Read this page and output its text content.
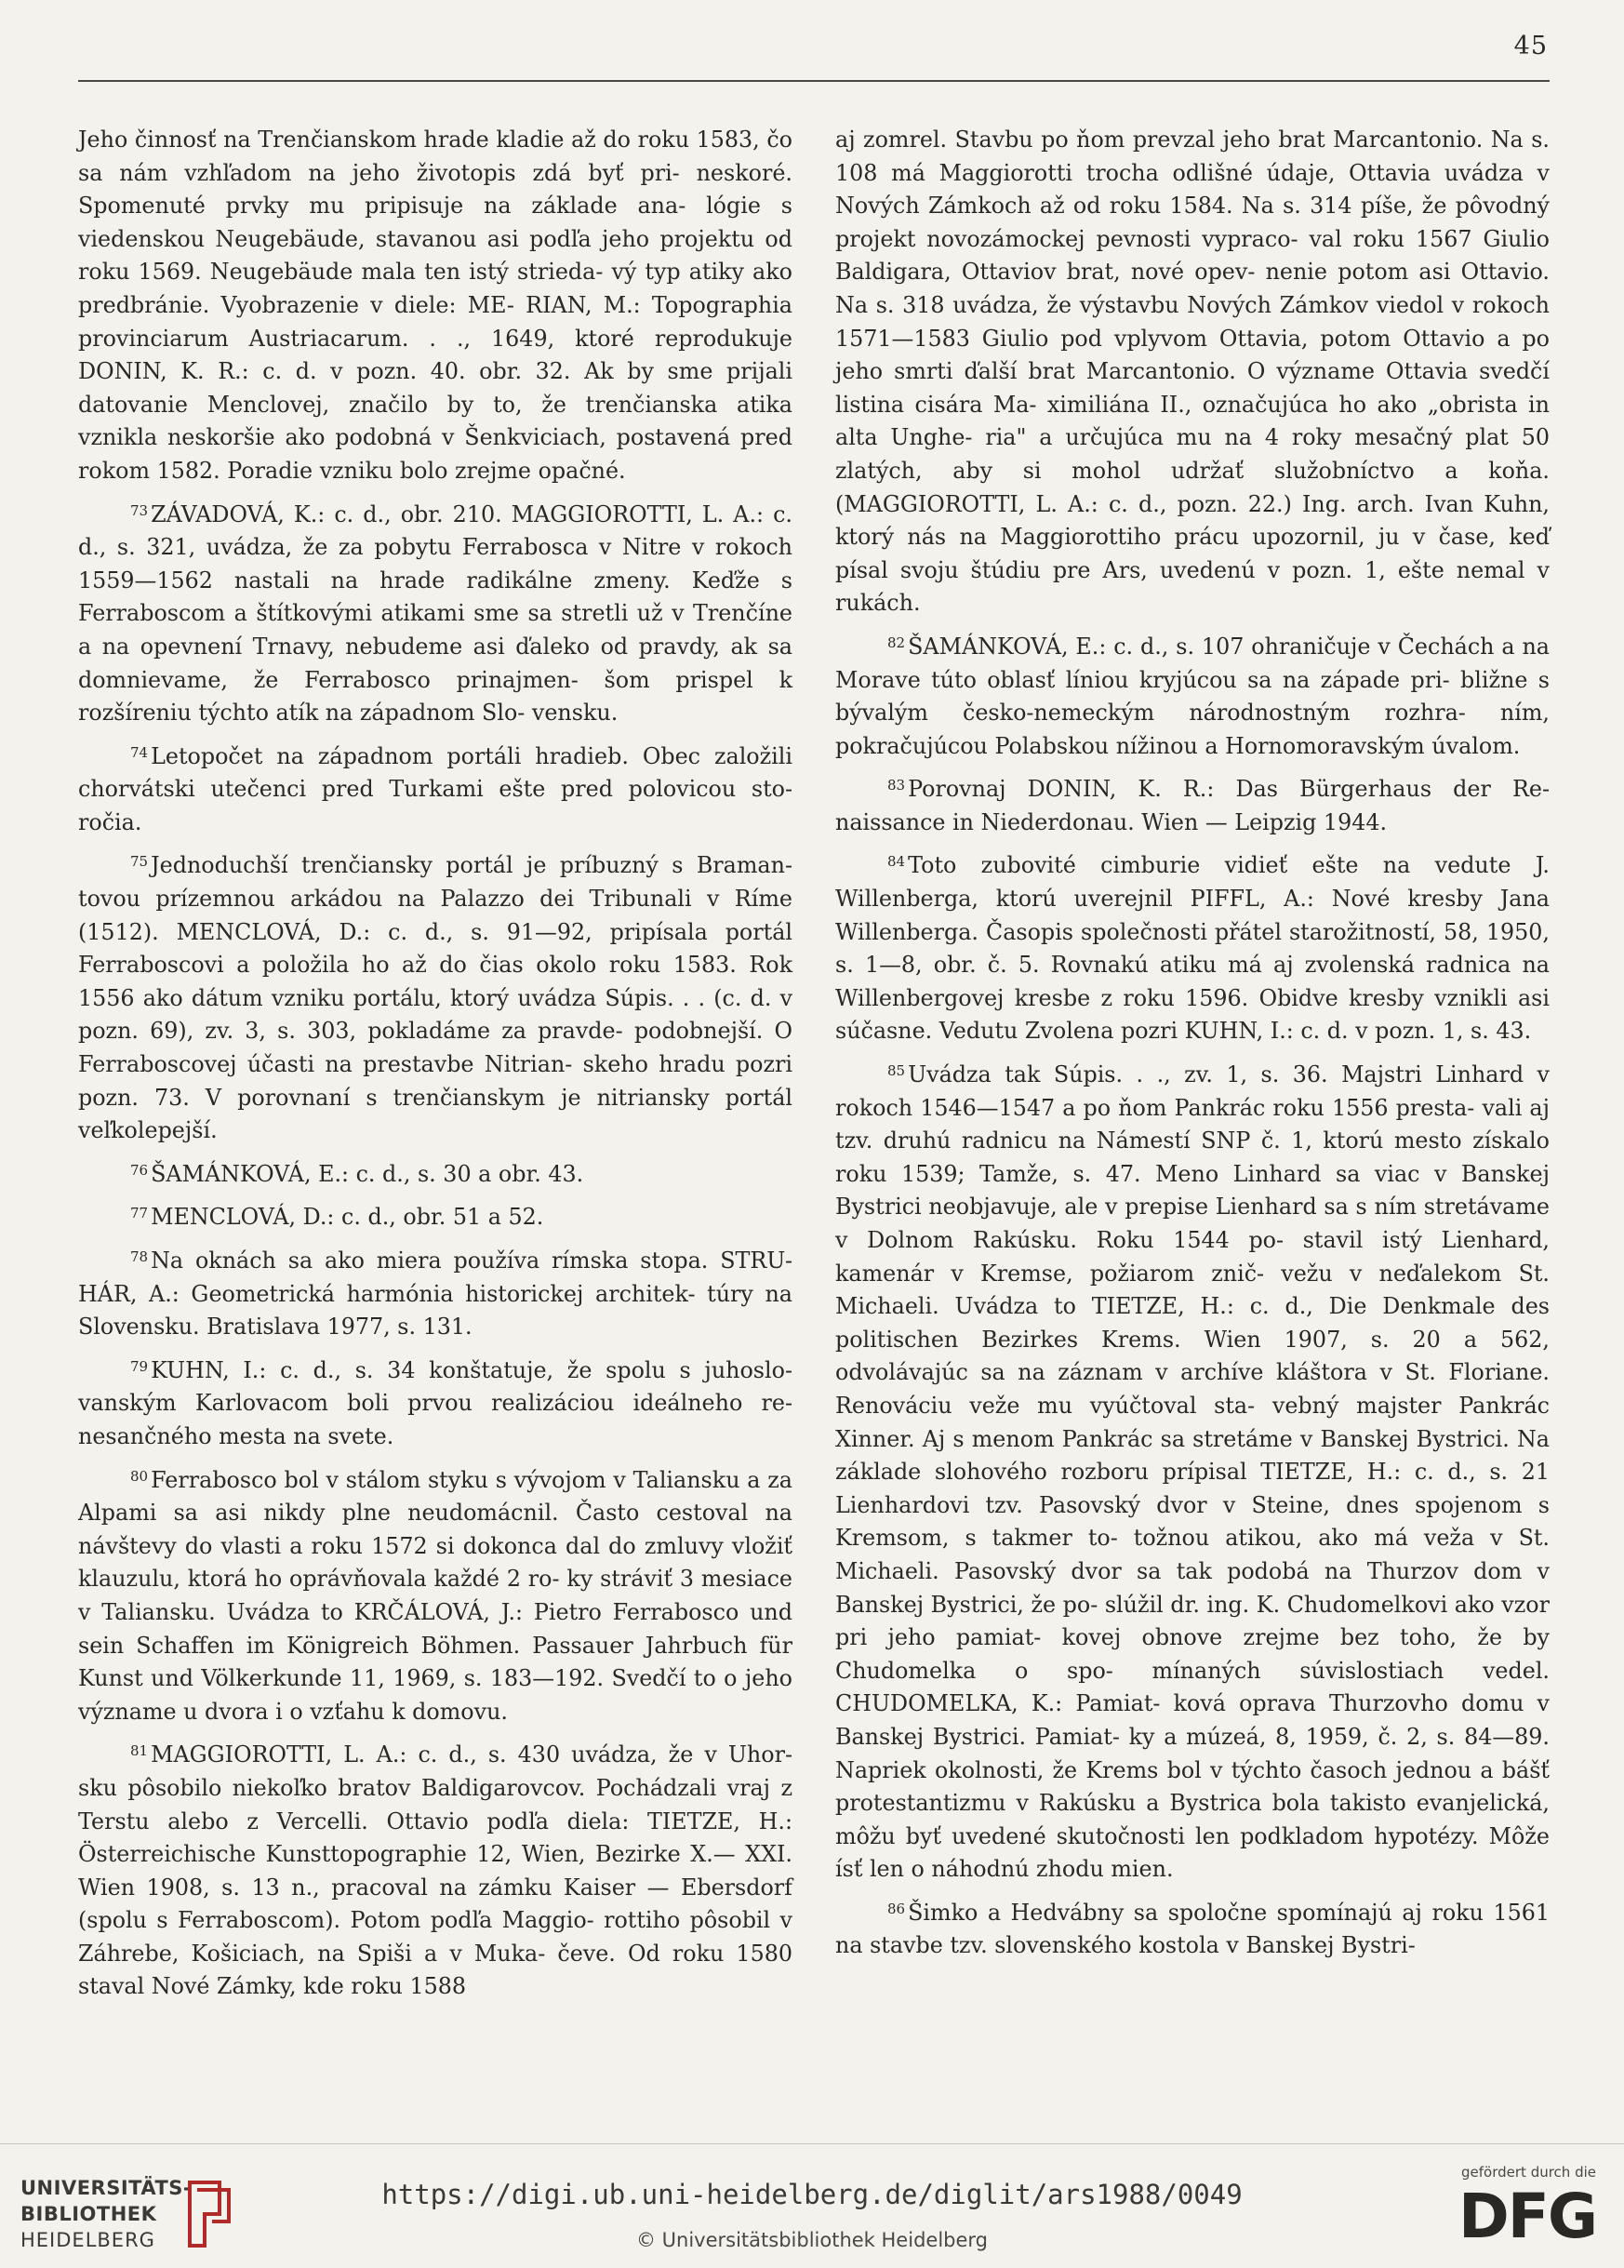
45

Jeho činnosť na Trenčianskom hrade kladie až do roku 1583, čo sa nám vzhľadom na jeho životopis zdá byť pri- neskoré. Spomenuté prvky mu pripisuje na základe ana- lógie s viedenskou Neugebäude, stavanou asi podľa jeho projektu od roku 1569. Neugebäude mala ten istý strieda- vý typ atiky ako predbránie. Vyobrazenie v diele: ME- RIAN, M.: Topographia provinciarum Austriacarum. . ., 1649, ktoré reprodukuje DONIN, K. R.: c. d. v pozn. 40. obr. 32. Ak by sme prijali datovanie Menclovej, značilo by to, že trenčianska atika vznikla neskoršie ako podobná v Šenkviciach, postavená pred rokom 1582. Poradie vzniku bolo zrejme opačné.

$^{73}$ ZÁVADOVÁ, K.: c. d., obr. 210. MAGGIOROTTI, L. A.: c. d., s. 321, uvádza, že za pobytu Ferrabosca v Nitre v rokoch 1559—1562 nastali na hrade radikálne zmeny. Keďže s Ferraboscom a štítkovými atikami sme sa stretli už v Trenčíne a na opevnení Trnavy, nebudeme asi ďaleko od pravdy, ak sa domnievame, že Ferrabosco prinajmen- šom prispel k rozšíreniu týchto atík na západnom Slo- vensku.

$^{74}$ Letopočet na západnom portáli hradieb. Obec založili chorvátski utečenci pred Turkami ešte pred polovicou sto- ročia.

$^{75}$ Jednoduchší trenčiansky portál je príbuzný s Braman- tovou prízemnou arkádou na Palazzo dei Tribunali v Ríme (1512). MENCLOVÁ, D.: c. d., s. 91—92, pripísala portál Ferraboscovi a položila ho až do čias okolo roku 1583. Rok 1556 ako dátum vzniku portálu, ktorý uvádza Súpis. . . (c. d. v pozn. 69), zv. 3, s. 303, pokladáme za pravde- podobnejší. O Ferraboscovej účasti na prestavbe Nitrian- skeho hradu pozri pozn. 73. V porovnaní s trenčianskym je nitriansky portál veľkolepejší.

$^{76}$ ŠAMÁNKOVÁ, E.: c. d., s. 30 a obr. 43.

$^{77}$ MENCLOVÁ, D.: c. d., obr. 51 a 52.

$^{78}$ Na oknách sa ako miera používa rímska stopa. STRU- HÁR, A.: Geometrická harmónia historickej architek- túry na Slovensku. Bratislava 1977, s. 131.

$^{79}$ KUHN, I.: c. d., s. 34 konštatuje, že spolu s juhoslo- vanským Karlovacom boli prvou realizáciou ideálneho re- nesančného mesta na svete.

$^{80}$ Ferrabosco bol v stálom styku s vývojom v Taliansku a za Alpami sa asi nikdy plne neudomácnil. Často cestoval na návštevy do vlasti a roku 1572 si dokonca dal do zmluvy vložiť klauzulu, ktorá ho oprávňovala každé 2 ro- ky stráviť 3 mesiace v Taliansku. Uvádza to KRČÁLOVÁ, J.: Pietro Ferrabosco und sein Schaffen im Königreich Böhmen. Passauer Jahrbuch für Kunst und Völkerkunde 11, 1969, s. 183—192. Svedčí to o jeho význame u dvora i o vzťahu k domovu.

$^{81}$ MAGGIOROTTI, L. A.: c. d., s. 430 uvádza, že v Uhor- sku pôsobilo niekoľko bratov Baldigarovcov. Pochádzali vraj z Terstu alebo z Vercelli. Ottavio podľa diela: TIETZE, H.: Österreichische Kunsttopographie 12, Wien, Bezirke X.— XXI. Wien 1908, s. 13 n., pracoval na zámku Kaiser — Ebersdorf (spolu s Ferraboscom). Potom podľa Maggio- rottiho pôsobil v Záhrebe, Košiciach, na Spiši a v Muka- čeve. Od roku 1580 staval Nové Zámky, kde roku 1588

aj zomrel. Stavbu po ňom prevzal jeho brat Marcantonio. Na s. 108 má Maggiorotti trocha odlišné údaje, Ottavia uvádza v Nových Zámkoch až od roku 1584. Na s. 314 píše, že pôvodný projekt novozámockej pevnosti vypraco- val roku 1567 Giulio Baldigara, Ottaviov brat, nové opev- nenie potom asi Ottavio. Na s. 318 uvádza, že výstavbu Nových Zámkov viedol v rokoch 1571—1583 Giulio pod vplyvom Ottavia, potom Ottavio a po jeho smrti ďalší brat Marcantonio. O význame Ottavia svedčí listina cisára Ma- ximiliána II., označujúca ho ako „obrista in alta Unghe- ria" a určujúca mu na 4 roky mesačný plat 50 zlatých, aby si mohol udržať služobníctvo a koňa. (MAGGIOROTTI, L. A.: c. d., pozn. 22.) Ing. arch. Ivan Kuhn, ktorý nás na Maggiorottiho prácu upozornil, ju v čase, keď písal svoju štúdiu pre Ars, uvedenú v pozn. 1, ešte nemal v rukách.

$^{82}$ ŠAMÁNKOVÁ, E.: c. d., s. 107 ohraničuje v Čechách a na Morave túto oblasť líniou kryjúcou sa na západe pri- bližne s bývalým česko-nemeckým národnostným rozhra- ním, pokračujúcou Polabskou nížinou a Hornomoravským úvalom.

$^{83}$ Porovnaj DONIN, K. R.: Das Bürgerhaus der Re- naissance in Niederdonau. Wien — Leipzig 1944.

$^{84}$ Toto zubovité cimburie vidieť ešte na vedute J. Willenberga, ktorú uverejnil PIFFL, A.: Nové kresby Jana Willenberga. Časopis společnosti přátel starožitností, 58, 1950, s. 1—8, obr. č. 5. Rovnakú atiku má aj zvolenská radnica na Willenbergovej kresbe z roku 1596. Obidve kresby vznikli asi súčasne. Vedutu Zvolena pozri KUHN, I.: c. d. v pozn. 1, s. 43.

$^{85}$ Uvádza tak Súpis. . ., zv. 1, s. 36. Majstri Linhard v rokoch 1546—1547 a po ňom Pankrác roku 1556 presta- vali aj tzv. druhú radnicu na Námestí SNP č. 1, ktorú mesto získalo roku 1539; Tamže, s. 47. Meno Linhard sa viac v Banskej Bystrici neobjavuje, ale v prepise Lienhard sa s ním stretávame v Dolnom Rakúsku. Roku 1544 po- stavil istý Lienhard, kamenár v Kremse, požiarom znič- vežu v neďalekom St. Michaeli. Uvádza to TIETZE, H.: c. d., Die Denkmale des politischen Bezirkes Krems. Wien 1907, s. 20 a 562, odvolávajúc sa na záznam v archíve kláštora v St. Floriane. Renováciu veže mu vyúčtoval sta- vebný majster Pankrác Xinner. Aj s menom Pankrác sa stretáme v Banskej Bystrici. Na základe slohového rozboru prípisal TIETZE, H.: c. d., s. 21 Lienhardovi tzv. Pasovský dvor v Steine, dnes spojenom s Kremsom, s takmer to- tožnou atikou, ako má veža v St. Michaeli. Pasovský dvor sa tak podobá na Thurzov dom v Banskej Bystrici, že po- slúžil dr. ing. K. Chudomelkovi ako vzor pri jeho pamiat- kovej obnove zrejme bez toho, že by Chudomelka o spo- mínaných súvislostiach vedel. CHUDOMELKA, K.: Pamiat- ková oprava Thurzovho domu v Banskej Bystrici. Pamiat- ky a múzeá, 8, 1959, č. 2, s. 84—89. Napriek okolnosti, že Krems bol v týchto časoch jednou a bášť protestantizmu v Rakúsku a Bystrica bola takisto evanjelická, môžu byť uvedené skutočnosti len podkladom hypotézy. Môže ísť len o náhodnú zhodu mien.

$^{86}$ Šimko a Hedvábny sa spoločne spomínajú aj roku 1561 na stavbe tzv. slovenského kostola v Banskej Bystri-

UNIVERSITÄTS-
BIBLIOTHEK
HEIDELBERG
https://digi.ub.uni-heidelberg.de/diglit/ars1988/0049
© Universitätsbibliothek Heidelberg
gefördert durch die
DFG
